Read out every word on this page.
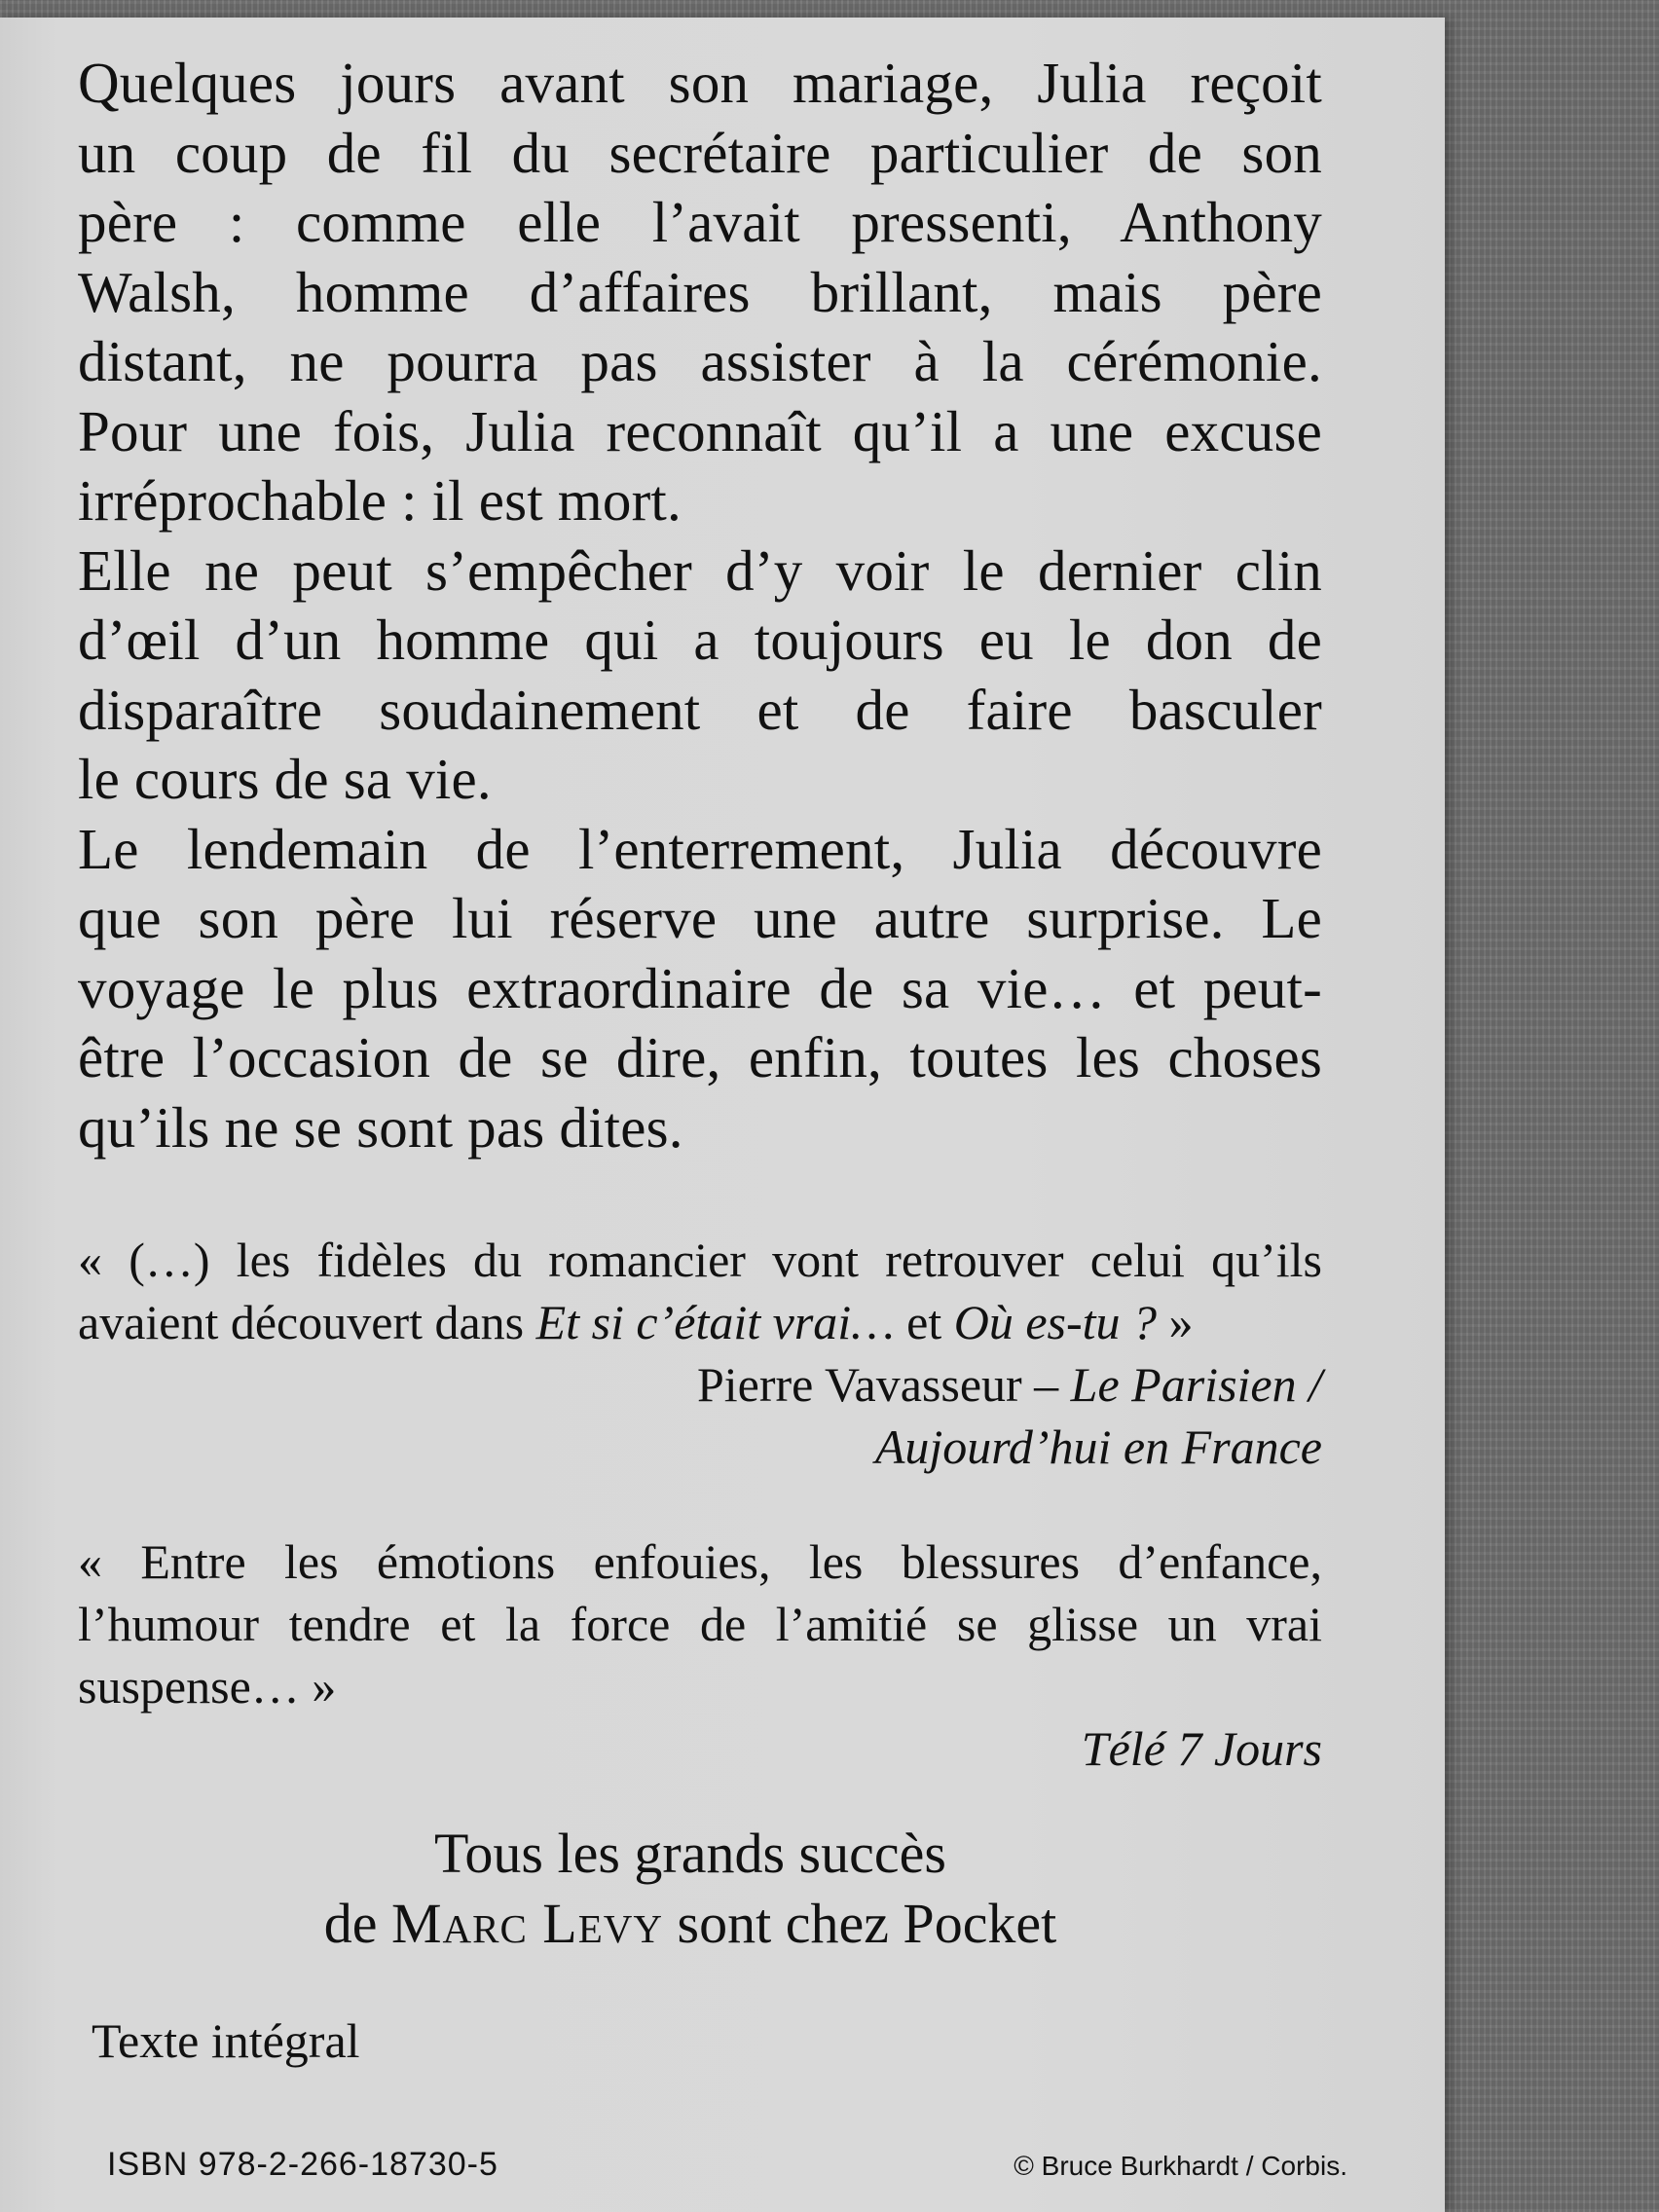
Quelques jours avant son mariage, Julia reçoit
un coup de fil du secrétaire particulier de son
père : comme elle l’avait pressenti, Anthony
Walsh, homme d’affaires brillant, mais père
distant, ne pourra pas assister à la cérémonie.
Pour une fois, Julia reconnaît qu’il a une excuse

irréprochable : il est mort.

Elle ne peut s’empêcher d’y voir le dernier clin
d’œil d’un homme qui a toujours eu le don de
disparaître soudainement et de faire basculer

le cours de sa vie.

Le lendemain de l’enterrement, Julia découvre
que son père lui réserve une autre surprise. Le
voyage le plus extraordinaire de sa vie… et peut-
être l’occasion de se dire, enfin, toutes les choses

qu’ils ne se sont pas dites.

« (…) les fidèles du romancier vont retrouver celui qu’ils avaient découvert dans Et si c’était vrai… et Où es-tu ? »

Pierre Vavasseur – Le Parisien /
Aujourd’hui en France

« Entre les émotions enfouies, les blessures d’enfance, l’humour tendre et la force de l’amitié se glisse un vrai suspense… »

Télé 7 Jours

Tous les grands succès
de Marc Levy sont chez Pocket
Texte intégral
ISBN 978-2-266-18730-5	© Bruce Burkhardt / Corbis.
